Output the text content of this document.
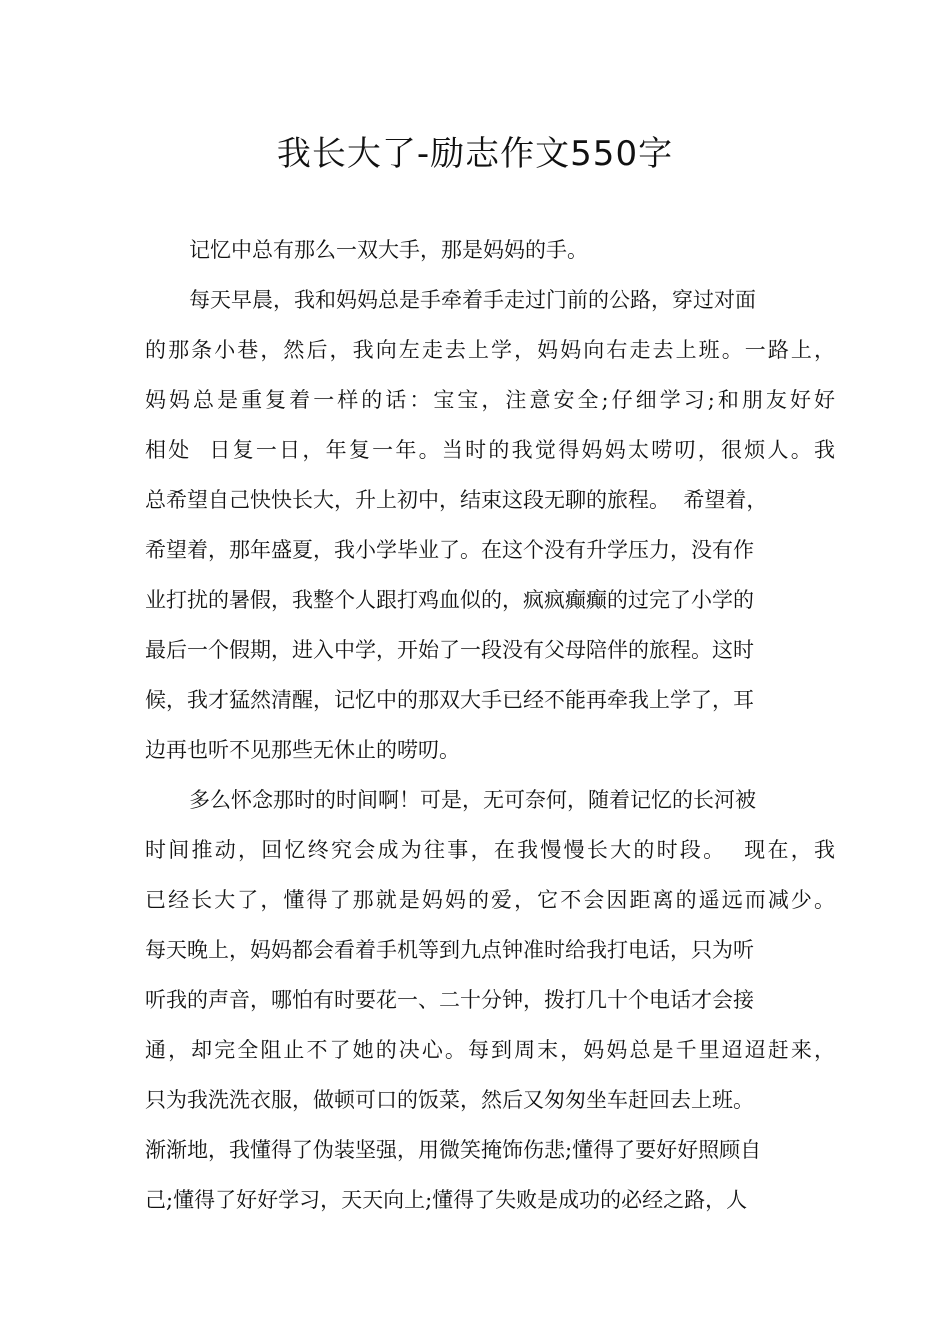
我长大了-励志作文550字
记忆中总有那么一双大手，那是妈妈的手。
每天早晨，我和妈妈总是手牵着手走过门前的公路，穿过对面
的那条小巷，然后，我向左走去上学，妈妈向右走去上班。一路上，
妈妈总是重复着一样的话：宝宝，注意安全;仔细学习;和朋友好好
相处  日复一日，年复一年。当时的我觉得妈妈太唠叨，很烦人。我
总希望自己快快长大，升上初中，结束这段无聊的旅程。  希望着，
希望着，那年盛夏，我小学毕业了。在这个没有升学压力，没有作
业打扰的暑假，我整个人跟打鸡血似的，疯疯癫癫的过完了小学的
最后一个假期，进入中学，开始了一段没有父母陪伴的旅程。这时
候，我才猛然清醒，记忆中的那双大手已经不能再牵我上学了，耳
边再也听不见那些无休止的唠叨。
多么怀念那时的时间啊！可是，无可奈何，随着记忆的长河被
时间推动，回忆终究会成为往事，在我慢慢长大的时段。  现在，我
已经长大了，懂得了那就是妈妈的爱，它不会因距离的遥远而减少。
每天晚上，妈妈都会看着手机等到九点钟准时给我打电话，只为听
听我的声音，哪怕有时要花一、二十分钟，拨打几十个电话才会接
通，却完全阻止不了她的决心。每到周末，妈妈总是千里迢迢赶来，
只为我洗洗衣服，做顿可口的饭菜，然后又匆匆坐车赶回去上班。
渐渐地，我懂得了伪装坚强，用微笑掩饰伤悲;懂得了要好好照顾自
己;懂得了好好学习，天天向上;懂得了失败是成功的必经之路，人
